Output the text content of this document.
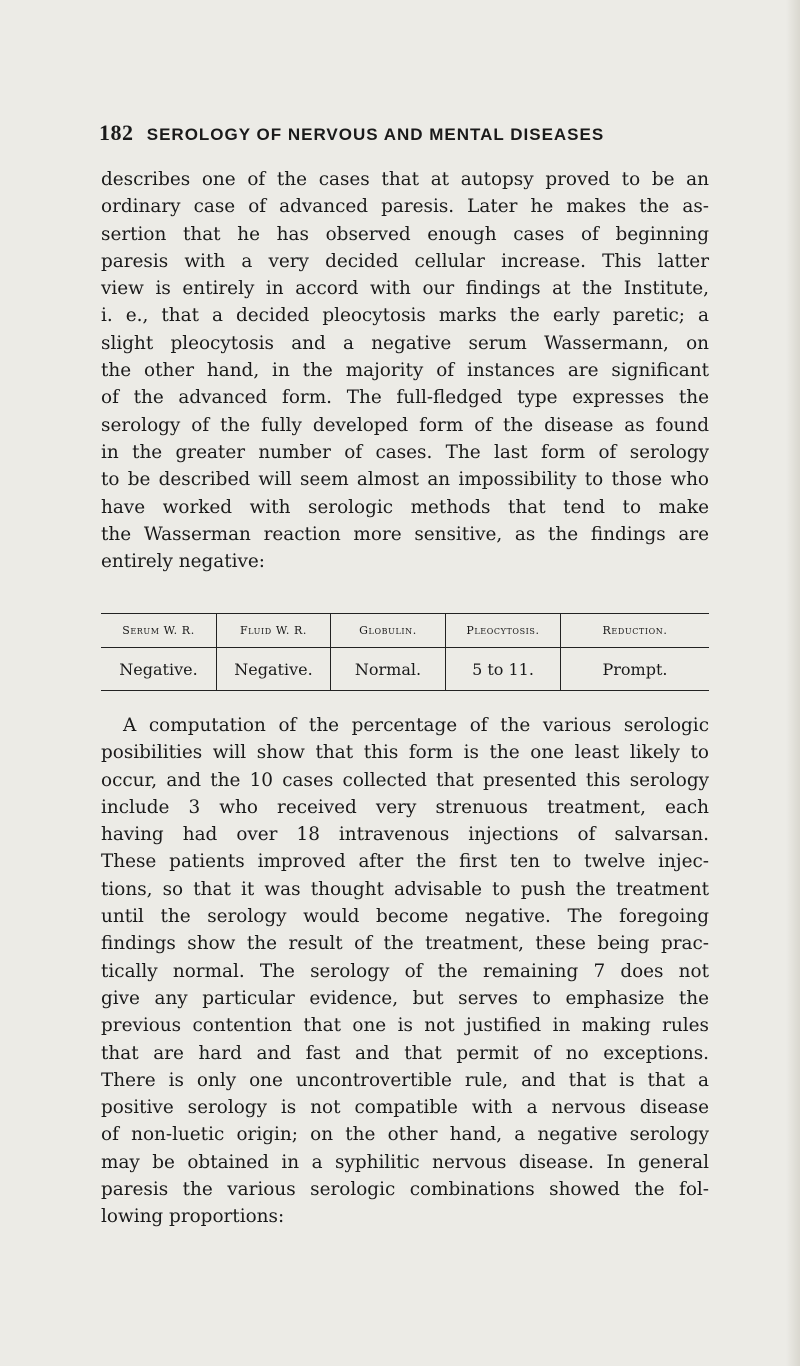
182 SEROLOGY OF NERVOUS AND MENTAL DISEASES
describes one of the cases that at autopsy proved to be an
ordinary case of advanced paresis. Later he makes the as-
sertion that he has observed enough cases of beginning
paresis with a very decided cellular increase. This latter
view is entirely in accord with our findings at the Institute,
i. e., that a decided pleocytosis marks the early paretic; a
slight pleocytosis and a negative serum Wassermann, on
the other hand, in the majority of instances are significant
of the advanced form. The full-fledged type expresses the
serology of the fully developed form of the disease as found
in the greater number of cases. The last form of serology
to be described will seem almost an impossibility to those who
have worked with serologic methods that tend to make
the Wasserman reaction more sensitive, as the findings are
entirely negative:
Serum W. R.	Fluid W. R.	Globulin.	Pleocytosis.	Reduction.
Negative.	Negative.	Normal.	5 to 11.	Prompt.
A computation of the percentage of the various serologic
posibilities will show that this form is the one least likely to
occur, and the 10 cases collected that presented this serology
include 3 who received very strenuous treatment, each
having had over 18 intravenous injections of salvarsan.
These patients improved after the first ten to twelve injec-
tions, so that it was thought advisable to push the treatment
until the serology would become negative. The foregoing
findings show the result of the treatment, these being prac-
tically normal. The serology of the remaining 7 does not
give any particular evidence, but serves to emphasize the
previous contention that one is not justified in making rules
that are hard and fast and that permit of no exceptions.
There is only one uncontrovertible rule, and that is that a
positive serology is not compatible with a nervous disease
of non-luetic origin; on the other hand, a negative serology
may be obtained in a syphilitic nervous disease. In general
paresis the various serologic combinations showed the fol-
lowing proportions:
